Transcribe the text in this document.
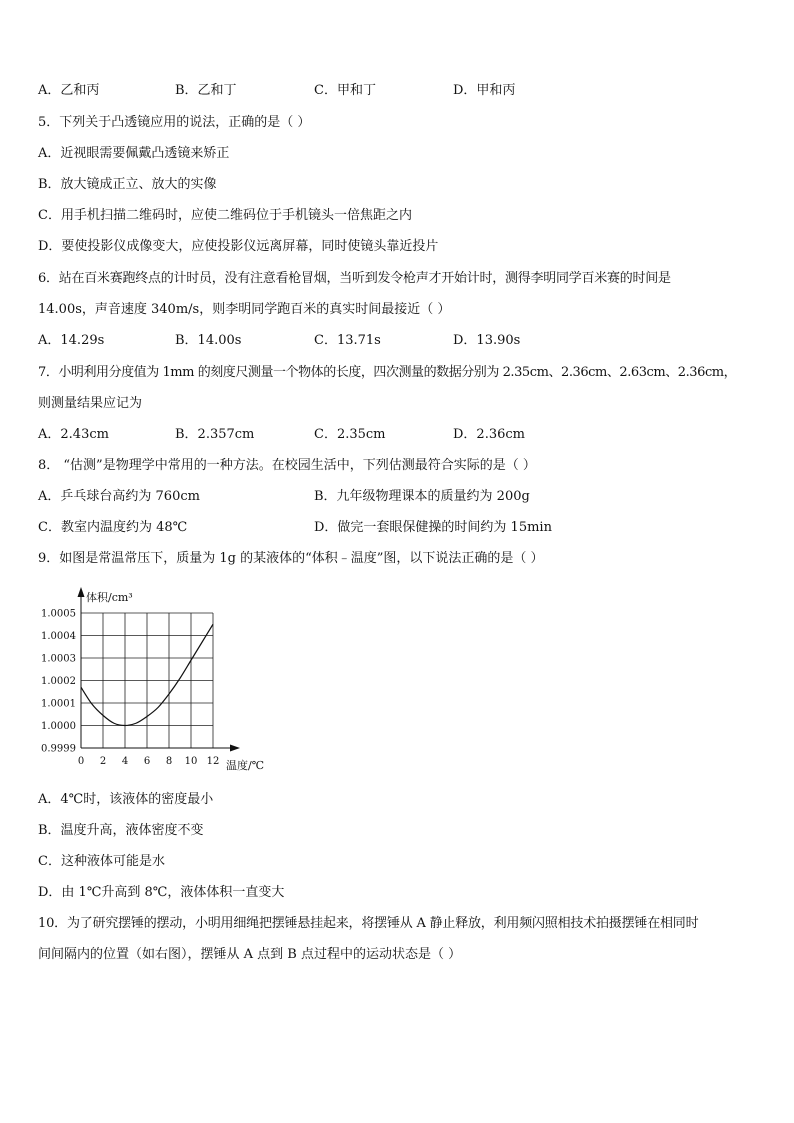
A．乙和丙	B．乙和丁	C．甲和丁	D．甲和丙
5．下列关于凸透镜应用的说法，正确的是（ ）
A．近视眼需要佩戴凸透镜来矫正
B．放大镜成正立、放大的实像
C．用手机扫描二维码时，应使二维码位于手机镜头一倍焦距之内
D．要使投影仪成像变大，应使投影仪远离屏幕，同时使镜头靠近投片
6．站在百米赛跑终点的计时员，没有注意看枪冒烟，当听到发令枪声才开始计时，测得李明同学百米赛的时间是
14.00s，声音速度 340m/s，则李明同学跑百米的真实时间最接近（ ）
A．14.29s	B．14.00s	C．13.71s	D．13.90s
7．小明利用分度值为 1mm 的刻度尺测量一个物体的长度，四次测量的数据分别为 2.35cm、2.36cm、2.63cm、2.36cm，
则测量结果应记为
A．2.43cm	B．2.357cm	C．2.35cm	D．2.36cm
8． “估测”是物理学中常用的一种方法。在校园生活中，下列估测最符合实际的是（ ）
A．乒乓球台高约为 760cm	B．九年级物理课本的质量约为 200g
C．教室内温度约为 48℃	D．做完一套眼保健操的时间约为 15min
9．如图是常温常压下，质量为 1g 的某液体的“体积﹣温度”图，以下说法正确的是（ ）
0.9999
1.0000
1.0001
1.0002
1.0003
1.0004
1.0005
0 2 4 6 8 10 12
体积/cm³
温度/℃
A．4℃时，该液体的密度最小
B．温度升高，液体密度不变
C．这种液体可能是水
D．由 1℃升高到 8℃，液体体积一直变大
10．为了研究摆锤的摆动，小明用细绳把摆锤悬挂起来，将摆锤从 A 静止释放，利用频闪照相技术拍摄摆锤在相同时
间间隔内的位置（如右图），摆锤从 A 点到 B 点过程中的运动状态是（ ）
